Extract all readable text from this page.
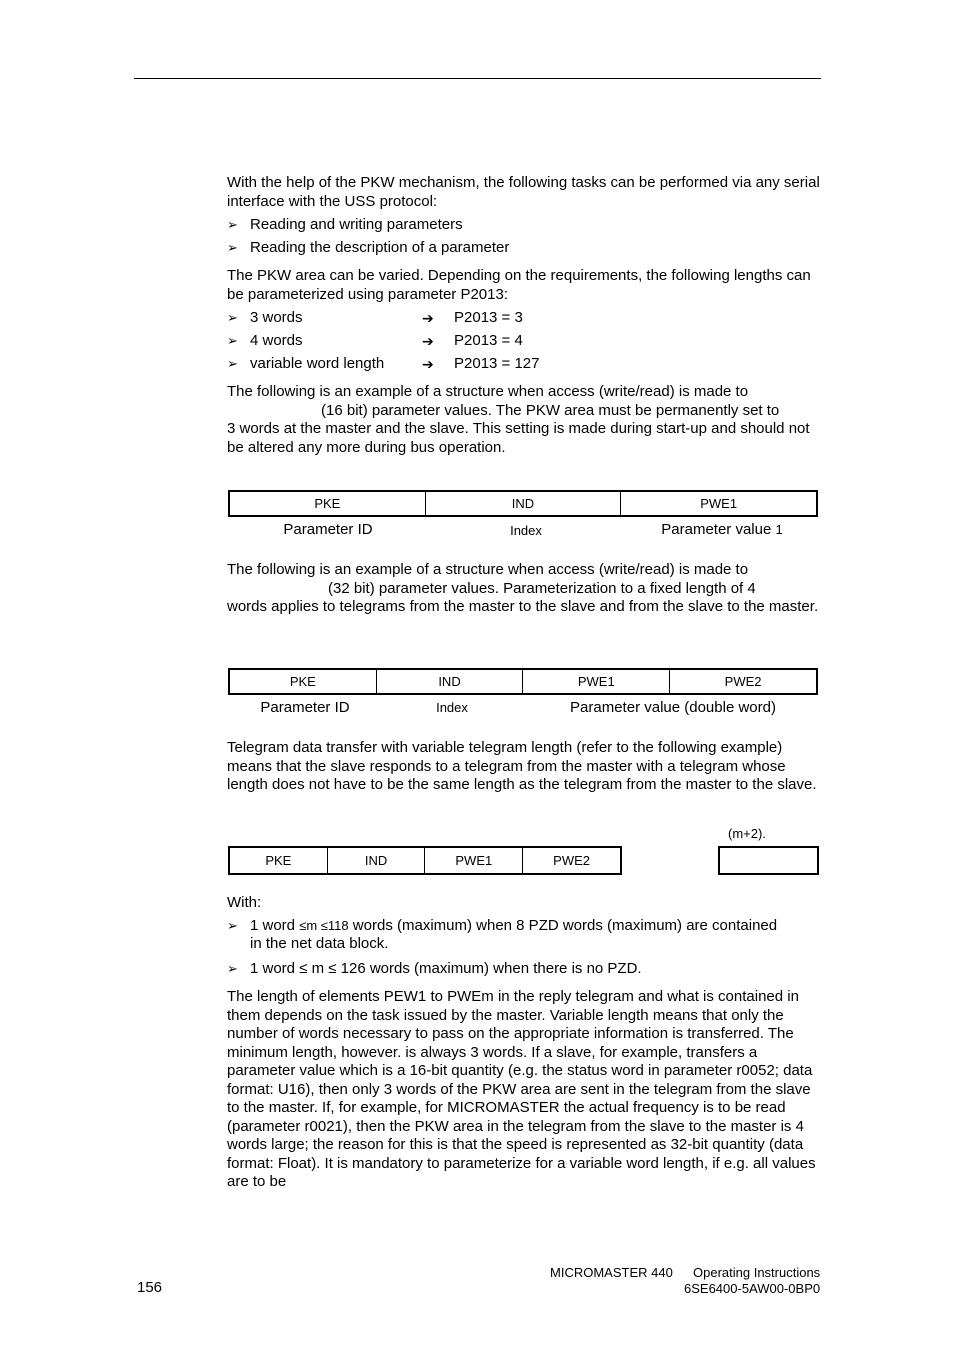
With the help of the PKW mechanism, the following tasks can be performed via any serial interface with the USS protocol:
➢ Reading and writing parameters
➢ Reading the description of a parameter
The PKW area can be varied. Depending on the requirements, the following lengths can be parameterized using parameter P2013:
➢ 3 words	➔ P2013 = 3
➢ 4 words	➔ P2013 = 4
➢ variable word length	➔ P2013 = 127
The following is an example of a structure when access (write/read) is made to
(16 bit) parameter values. The PKW area must be permanently set to
3 words at the master and the slave. This setting is made during start-up and should not be altered any more during bus operation.
PKE	IND	PWE1
Parameter ID	Index	Parameter value 1
The following is an example of a structure when access (write/read) is made to
(32 bit) parameter values. Parameterization to a fixed length of 4
words applies to telegrams from the master to the slave and from the slave to the master.
PKE	IND	PWE1	PWE2
Parameter ID	Index	Parameter value (double word)
Telegram data transfer with variable telegram length (refer to the following example) means that the slave responds to a telegram from the master with a telegram whose length does not have to be the same length as the telegram from the master to the slave.
(m+2).
PKE	IND	PWE1	PWE2
With:
➢ 1 word ≤m ≤118 words (maximum) when 8 PZD words (maximum) are contained
in the net data block.
➢ 1 word ≤ m ≤ 126 words (maximum) when there is no PZD.
The length of elements PEW1 to PWEm in the reply telegram and what is contained in them depends on the task issued by the master. Variable length means that only the number of words necessary to pass on the appropriate information is transferred. The minimum length, however. is always 3 words. If a slave, for example, transfers a parameter value which is a 16-bit quantity (e.g. the status word in parameter r0052; data format: U16), then only 3 words of the PKW area are sent in the telegram from the slave to the master. If, for example, for MICROMASTER the actual frequency is to be read (parameter r0021), then the PKW area in the telegram from the slave to the master is 4 words large; the reason for this is that the speed is represented as 32-bit quantity (data format: Float). It is mandatory to parameterize for a variable word length, if e.g. all values are to be
MICROMASTER 440 Operating Instructions
6SE6400-5AW00-0BP0
156
